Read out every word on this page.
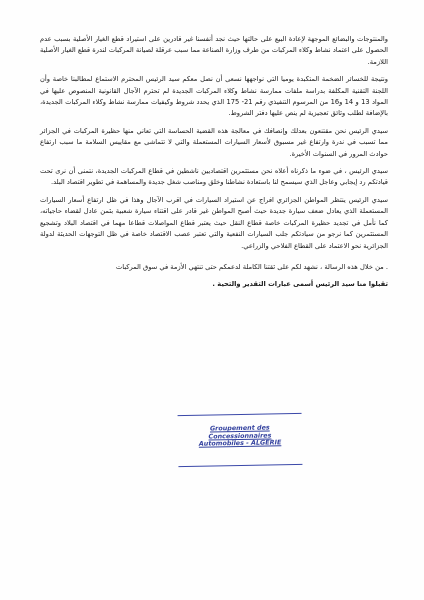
والمنتوجات والبضائع الموجهة لإعادة البيع على حالتها حيث نجد أنفسنا غير قادرين على استيراد قطع الغيار الأصلية بسبب عدم الحصول على اعتماد نشاط وكلاء المركبات من طرف وزارة الصناعة مما سبب عرقلة لصيانة المركبات لندرة قطع الغيار الأصلية اللازمة.

ونتيجة للخسائر الضخمة المتكبدة يوميا التي نواجهها نسعى أن نصل معكم سيد الرئيس المحترم الاستماع لمطالبنا خاصة وأن اللجنة التقنية المكلفة بدراسة ملفات ممارسة نشاط وكلاء المركبات الجديدة لم تحترم الآجال القانونية المنصوص عليها في المواد 13 و 14 و16 من المرسوم التنفيذي رقم 21- 175 الذي يحدد شروط وكيفيات ممارسة نشاط وكلاء المركبات الجديدة، بالإضافة لطلب وثائق تعجيزية لم ينص عليها دفتر الشروط.

سيدي الرئيس نحن مقتنعون بعدلك وإنصافك في معالجة هذه القضية الحساسة التي تعاني منها حظيرة المركبات في الجزائر مما تسبب في ندرة وارتفاع غير مسبوق لأسعار السيارات المستعملة والتي لا تتماشى مع مقاييس السلامة ما سبب ارتفاع حوادث المرور في السنوات الأخيرة.

سيدي الرئيس ، في ضوء ما ذكرناه أعلاه نحن مستثمرين اقتصاديين ناشطين في قطاع المركبات الجديدة، نتمنى أن نرى تحت قيادتكم رد إيجابي وعاجل الذي سيسمح لنا باستعادة نشاطنا وخلق ومناصب شغل جديدة والمساهمة في تطوير اقتصاد البلد.

سيدي الرئيس ينتظر المواطن الجزائري افراج عن استيراد السيارات في اقرب الآجال وهذا في ظل ارتفاع أسعار السيارات المستعملة الذي يعادل ضعف سيارة جديدة حيث أصبح المواطن غير قادر على اقتناء سيارة شعبية بثمن عادل لقضاء حاجياته، كما نأمل في تجديد حظيرة المركبات خاصة قطاع النقل حيث يعتبر قطاع المواصلات قطاعا مهما في اقتصاد البلاد وتشجيع المستثمرين كما نرجو من سيادتكم جلب السيارات النفعية والتي تعتبر عصب الاقتصاد خاصة في ظل التوجهات الحديثة لدولة الجزائرية نحو الاعتماد على القطاع الفلاحي والزراعي.

. من خلال هذه الرسالة ، نشهد لكم على ثقتنا الكاملة لدعمكم حتى تنتهي الأزمة في سوق المركبات

تقبلوا منا سيد الرئيس أسمى عبارات التقدير والتحية .

Groupement des Concessionnaires
Automobiles - ALGERIE
